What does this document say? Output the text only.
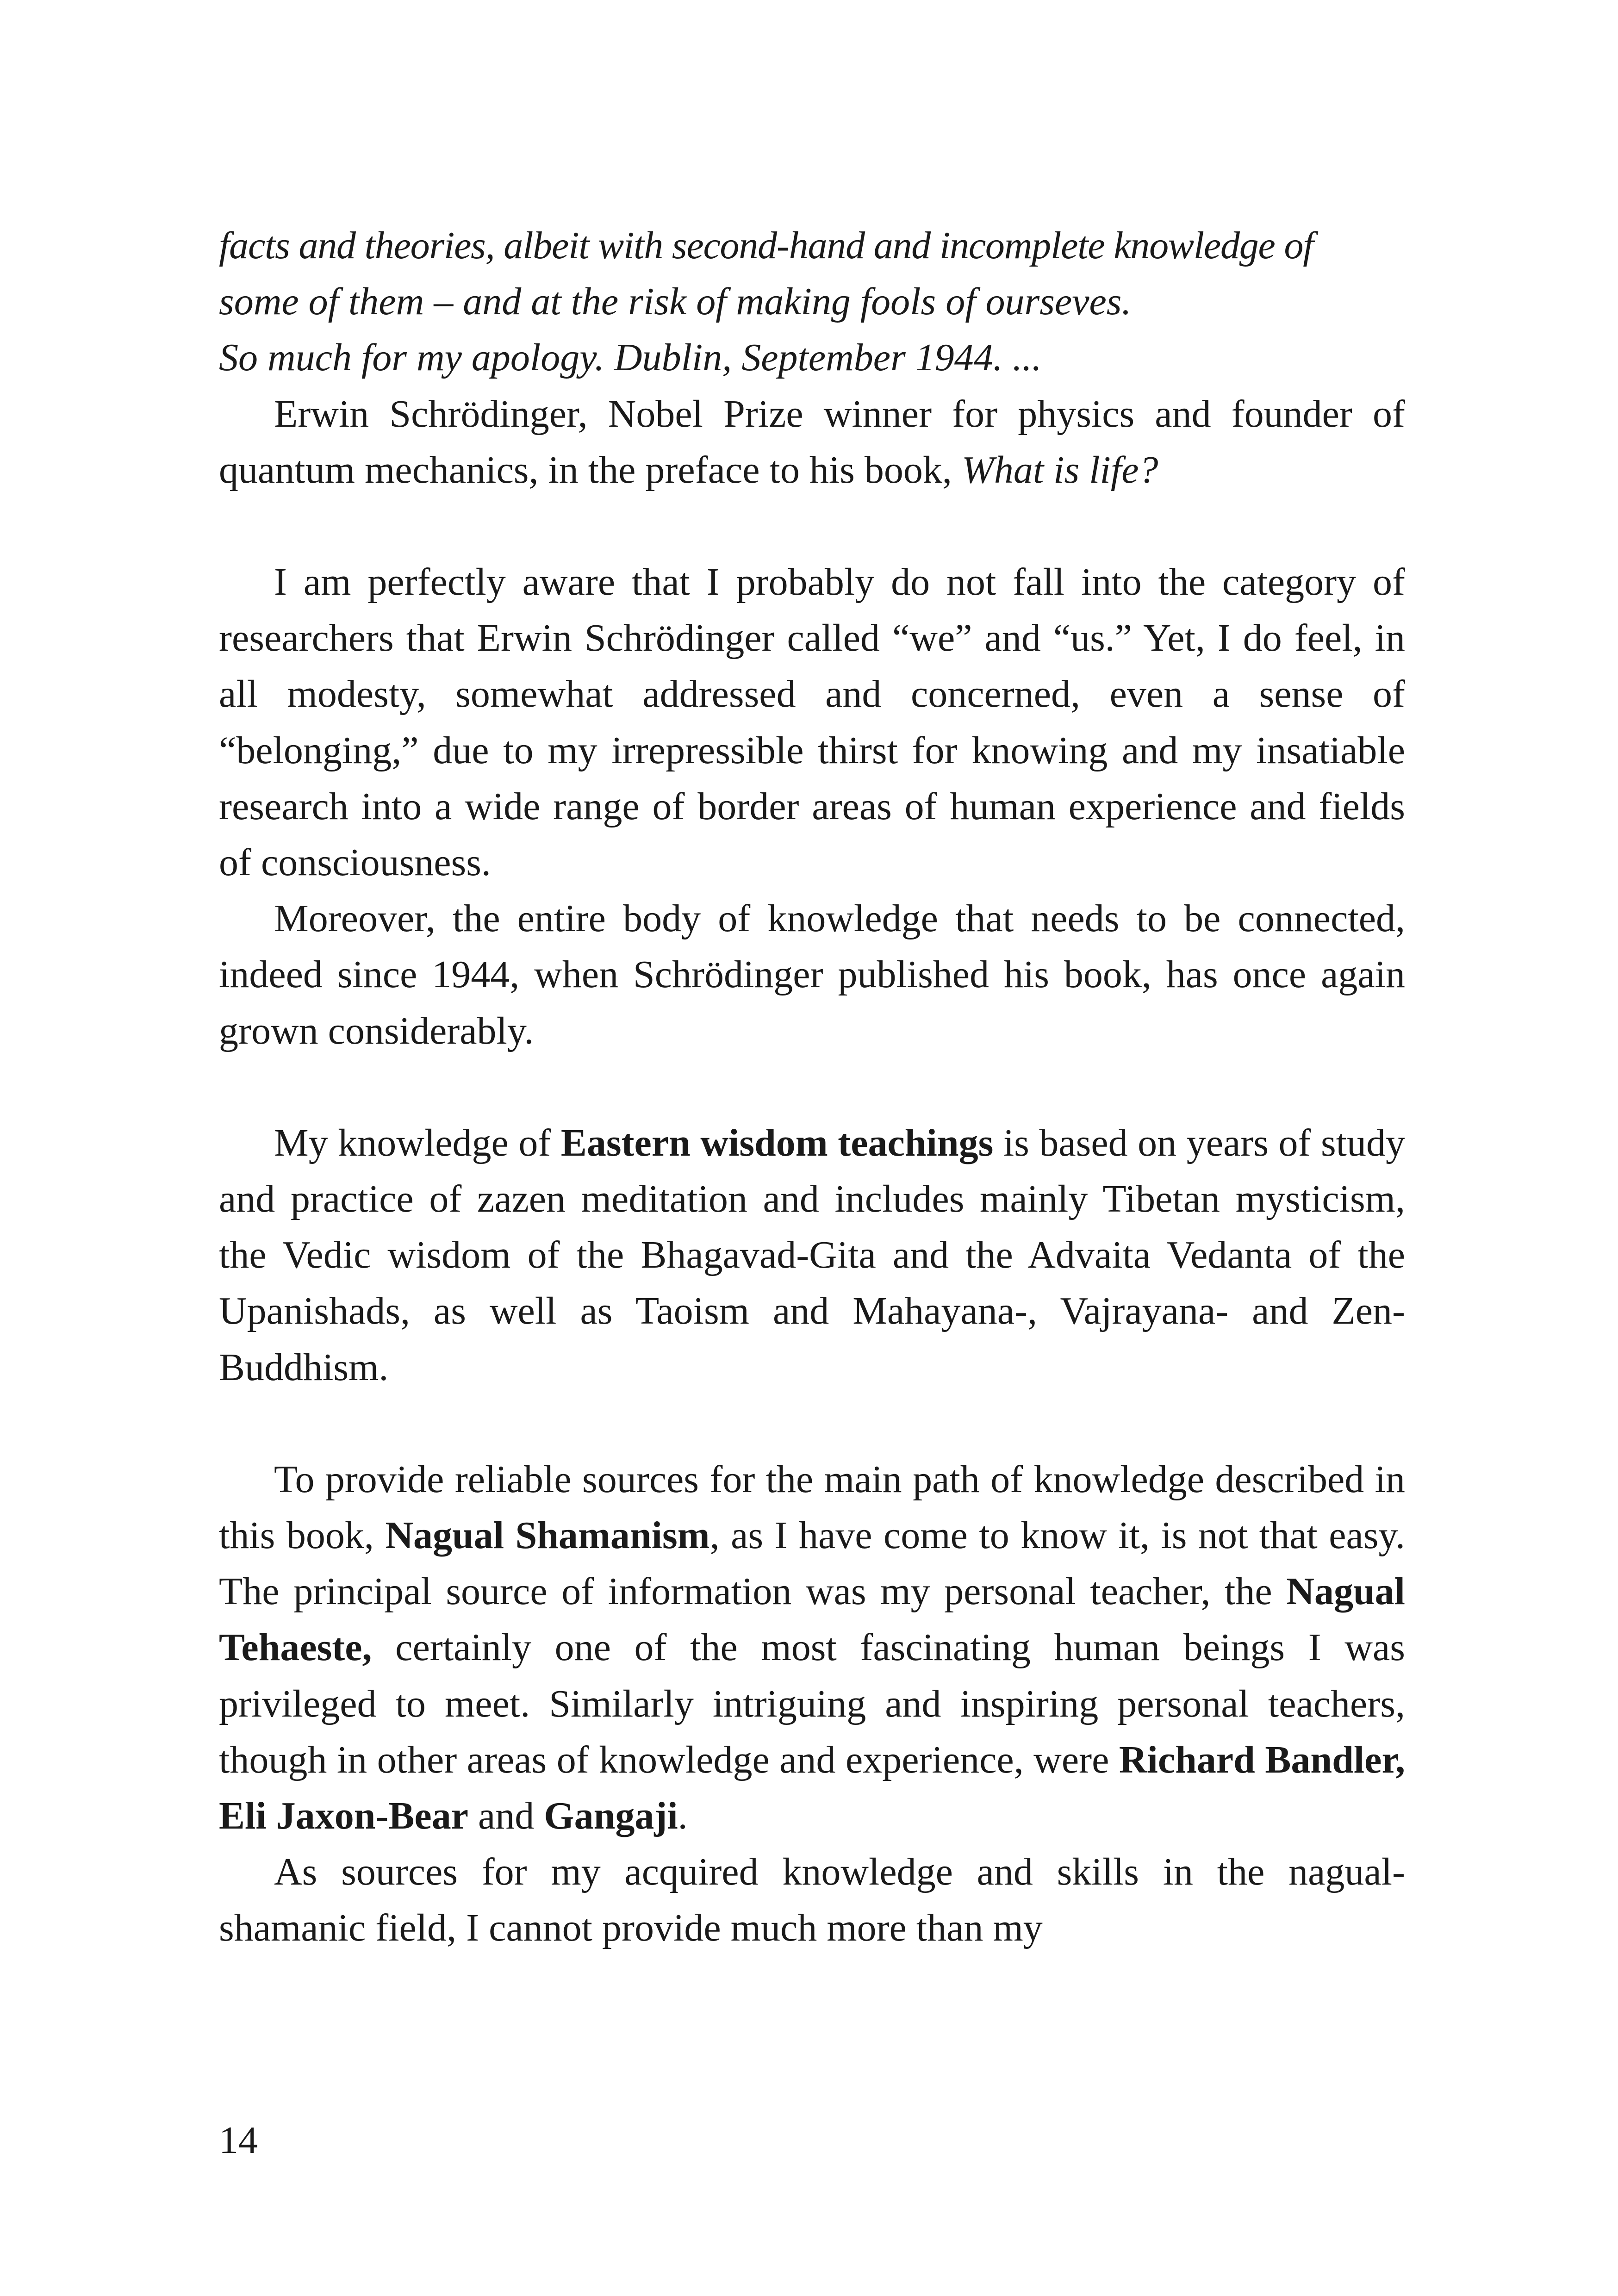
facts and theories, albeit with second-hand and incomplete knowledge of
some of them – and at the risk of making fools of ourseves.
So much for my apology. Dublin, September 1944. ...

Erwin Schrödinger, Nobel Prize winner for physics and founder of quantum mechanics, in the preface to his book, What is life?

I am perfectly aware that I probably do not fall into the category of researchers that Erwin Schrödinger called “we” and “us.” Yet, I do feel, in all modesty, somewhat addressed and concerned, even a sense of “belonging,” due to my irrepressible thirst for knowing and my insatiable research into a wide range of border areas of human experience and fields of consciousness.

Moreover, the entire body of knowledge that needs to be connected, indeed since 1944, when Schrödinger published his book, has once again grown considerably.

My knowledge of Eastern wisdom teachings is based on years of study and practice of zazen meditation and includes mainly Tibetan mysticism, the Vedic wisdom of the Bhagavad-Gita and the Advaita Vedanta of the Upanishads, as well as Taoism and Mahayana-, Vajrayana- and Zen-Buddhism.

To provide reliable sources for the main path of knowledge described in this book, Nagual Shamanism, as I have come to know it, is not that easy. The principal source of information was my personal teacher, the Nagual Tehaeste, certainly one of the most fascinating human beings I was privileged to meet. Similarly intriguing and inspiring personal teachers, though in other areas of knowledge and experience, were Richard Bandler, Eli Jaxon-Bear and Gangaji.

As sources for my acquired knowledge and skills in the nagual-shamanic field, I cannot provide much more than my

14
